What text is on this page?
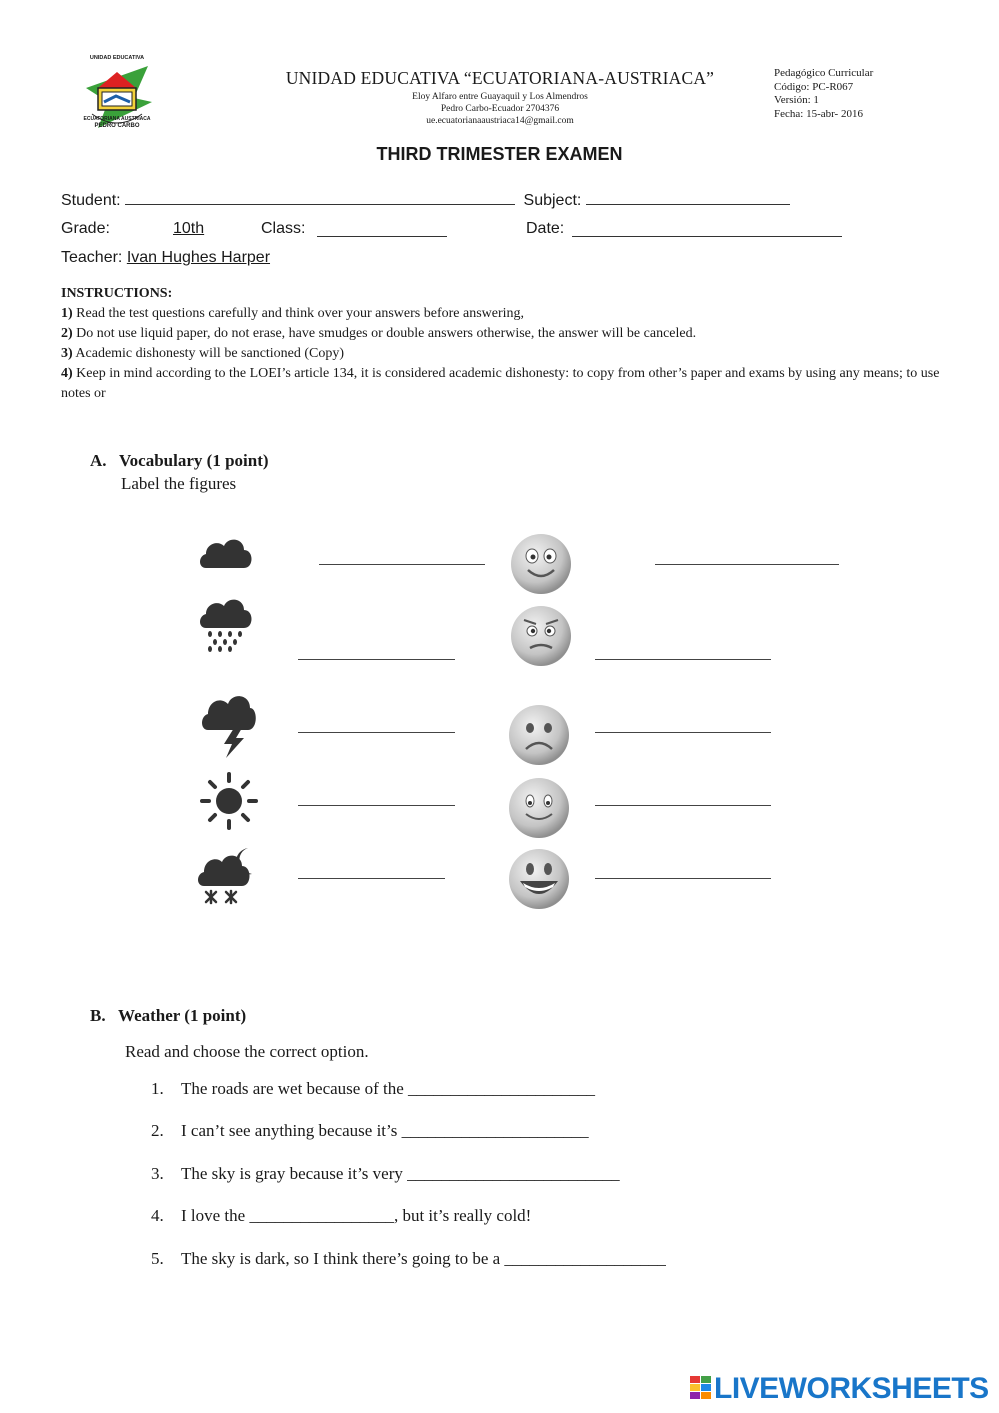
UNIDAD EDUCATIVA
ECUATORIANA AUSTRIACA
PEDRO CARBO
UNIDAD EDUCATIVA “ECUATORIANA-AUSTRIACA”
Eloy Alfaro entre Guayaquil y Los Almendros
Pedro Carbo-Ecuador 2704376
ue.ecuatorianaaustriaca14@gmail.com
Pedagógico Curricular
Código: PC-R067
Versión: 1
Fecha: 15-abr- 2016
THIRD TRIMESTER EXAMEN
Student:	Subject:
Grade:	10th	Class:	Date:
Teacher: Ivan Hughes Harper
INSTRUCTIONS:
1) Read the test questions carefully and think over your answers before answering,
2) Do not use liquid paper, do not erase, have smudges or double answers otherwise, the answer will be canceled.
3) Academic dishonesty will be sanctioned (Copy)
4) Keep in mind according to the LOEI’s article 134, it is considered academic dishonesty: to copy from other’s paper and exams by using any means; to use notes or
A.   Vocabulary (1 point)
Label the figures
B.   Weather (1 point)
Read and choose the correct option.
1. The roads are wet because of the ______________________
2. I can’t see anything because it’s ______________________
3. The sky is gray because it’s very _________________________
4. I love the _________________, but it’s really cold!
5. The sky is dark, so I think there’s going to be a ___________________
LIVEWORKSHEETS
